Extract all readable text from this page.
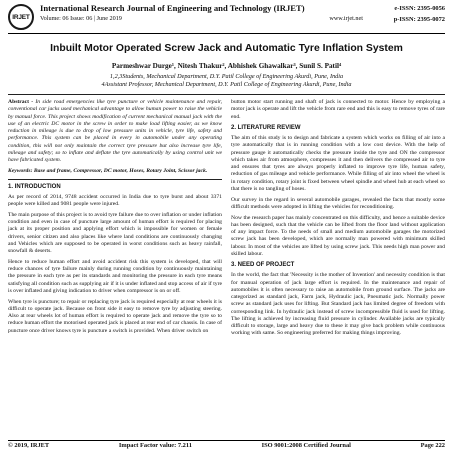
IRJET
International Research Journal of Engineering and Technology (IRJET)
Volume: 06 Issue: 06 | June 2019	www.irjet.net
e-ISSN: 2395-0056
p-ISSN: 2395-0072
Inbuilt Motor Operated Screw Jack and Automatic Tyre Inflation System
Parmeshwar Durge¹, Nitesh Thakur², Abhishek Ghawalkar³, Sunil S. Patil⁴
1,2,3Students, Mechanical Department, D.Y. Patil College of Engineering Akurdi, Pune, India
4Assistant Professor, Mechanical Department, D.Y. Patil College of Engineering Akurdi, Pune, India

Abstract - In side road emergencies like tyre puncture or vehicle maintenance and repair, conventional car jacks used mechanical advantage to allow human power to raise the vehicle by manual force. This project shows modification of current mechanical manual jack with the use of an electric DC motor in the screw in order to make load lifting easier, as we know reduction in mileage is due to drop of low pressure units in vehicle, tyre life, safety and performance. This system can be placed in every in automobile under any operating condition, this will not only maintain the correct tyre pressure but also increase tyre life, mileage and safety; so to inflate and deflate the tyre automatically by using control unit we have fabricated system.

Keywords: Base and frame, Compressor, DC motor, Hoses, Rotary Joint, Scissor jack.

1. INTRODUCTION

As per record of 2014, 9748 accident occurred in India due to tyre burst and about 3371 people were killed and 9081 people were injured.

The main purpose of this project is to avoid tyre failure due to over inflation or under inflation condition and even in case of puncture large amount of human effort is required for placing jack at its proper position and applying effort which is impossible for women or female drivers, senior citizen and also places like where land conditions are continuously changing and Vehicles which are supposed to be operated in worst conditions such as heavy rainfall, snowfall & deserts.

Hence to reduce human effort and avoid accident risk this system is developed, that will reduce chances of tyre failure mainly during running condition by continuously maintaining the pressure in each tyre as per its standards and monitoring the pressure in each tyre means satisfying all condition such as supplying air if it is under inflated and stop access of air if tyre is over inflated and giving indication to driver when compressor is on or off.

When tyre is puncture; to repair or replacing tyre jack is required especially at rear wheels it is difficult to operate jack. Because on front side it easy to remove tyre by adjusting steering. Also at rear wheels lot of human effort is required to operate jack and remove the tyre so to reduce human effort the motorised operated jack is placed at rear end of car chassis. In case of puncture once driver knows tyre is puncture a switch is provided. When driver switch on

button motor start running and shaft of jack is connected to motor. Hence by employing a motor jack is operate and lift the vehicle from rare end and this is easy to remove tyres of rare end.

2. LITERATURE REVIEW

The aim of this study is to design and fabricate a system which works on filling of air into a tyre automatically that is in running condition with a low cost device. With the help of pressure gauge it automatically checks the pressure inside the tyre and ON the compressor which takes air from atmosphere, compresses it and then delivers the compressed air to tyre and ensures that tyres are always properly inflated to improve tyre life, human safety, reduction of gas mileage and vehicle performance. While filling of air into wheel the wheel is in rotary condition, rotary joint is fixed between wheel spindle and wheel hub at each wheel so that there is no tangling of hoses.

Our survey in the regard in several automobile garages, revealed the facts that mostly some difficult methods were adopted in lifting the vehicles for reconditioning.

Now the research paper has mainly concentrated on this difficulty, and hence a suitable device has been designed, such that the vehicle can be lifted from the floor land without application of any impact force. To the needs of small and medium automobile garages the motorized screw jack has been developed, which are normally man powered with minimum skilled labour. In most of the vehicles are lifted by using screw jack. This needs high man power and skilled labour.

3. NEED OF PROJECT

In the world, the fact that 'Necessity is the mother of Invention' and necessity condition is that for manual operation of jack large effort is required. In the maintenance and repair of automobiles it is often necessary to raise an automobile from ground surface. The jacks are categorized as standard jack, Farm jack, Hydraulic jack, Pneumatic jack. Normally power screw as standard jack uses for lifting. But Standard jack has limited degree of freedom with corresponding link. In hydraulic jack instead of screw incompressible fluid is used for lifting. The lifting is achieved by increasing fluid pressure in cylinder. Available jacks are typically difficult to storage, large and heavy due to these it may give back problem while continuous working with same. So engineering preferred for making things improving.

© 2019, IRJET	Impact Factor value: 7.211	ISO 9001:2008 Certified Journal	Page 222
